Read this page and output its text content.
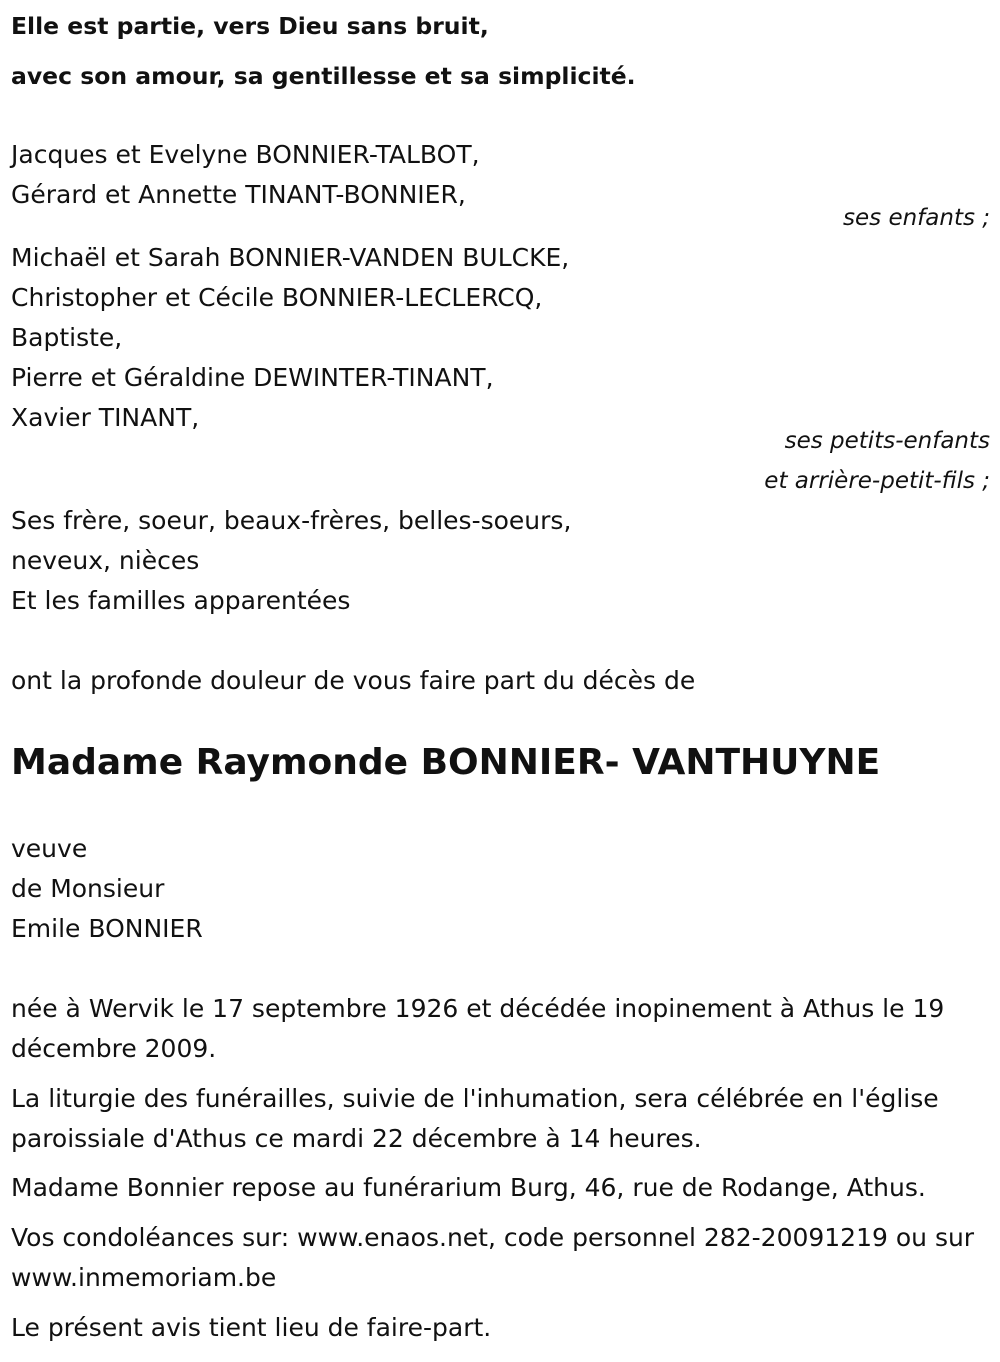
Elle est partie, vers Dieu sans bruit,
avec son amour, sa gentillesse et sa simplicité.
Jacques et Evelyne BONNIER-TALBOT,
Gérard et Annette TINANT-BONNIER,
ses enfants ;
Michaël et Sarah BONNIER-VANDEN BULCKE,
Christopher et Cécile BONNIER-LECLERCQ,
Baptiste,
Pierre et Géraldine DEWINTER-TINANT,
Xavier TINANT,
ses petits-enfants
et arrière-petit-fils ;
Ses frère, soeur, beaux-frères, belles-soeurs,
neveux, nièces
Et les familles apparentées
ont la profonde douleur de vous faire part du décès de
Madame Raymonde BONNIER- VANTHUYNE
veuve
de Monsieur
Emile BONNIER
née à Wervik le 17 septembre 1926 et décédée inopinement à Athus le 19 décembre 2009.
La liturgie des funérailles, suivie de l'inhumation, sera célébrée en l'église paroissiale d'Athus ce mardi 22 décembre à 14 heures.
Madame Bonnier repose au funérarium Burg, 46, rue de Rodange, Athus.
Vos condoléances sur: www.enaos.net, code personnel 282-20091219 ou sur www.inmemoriam.be
Le présent avis tient lieu de faire-part.
